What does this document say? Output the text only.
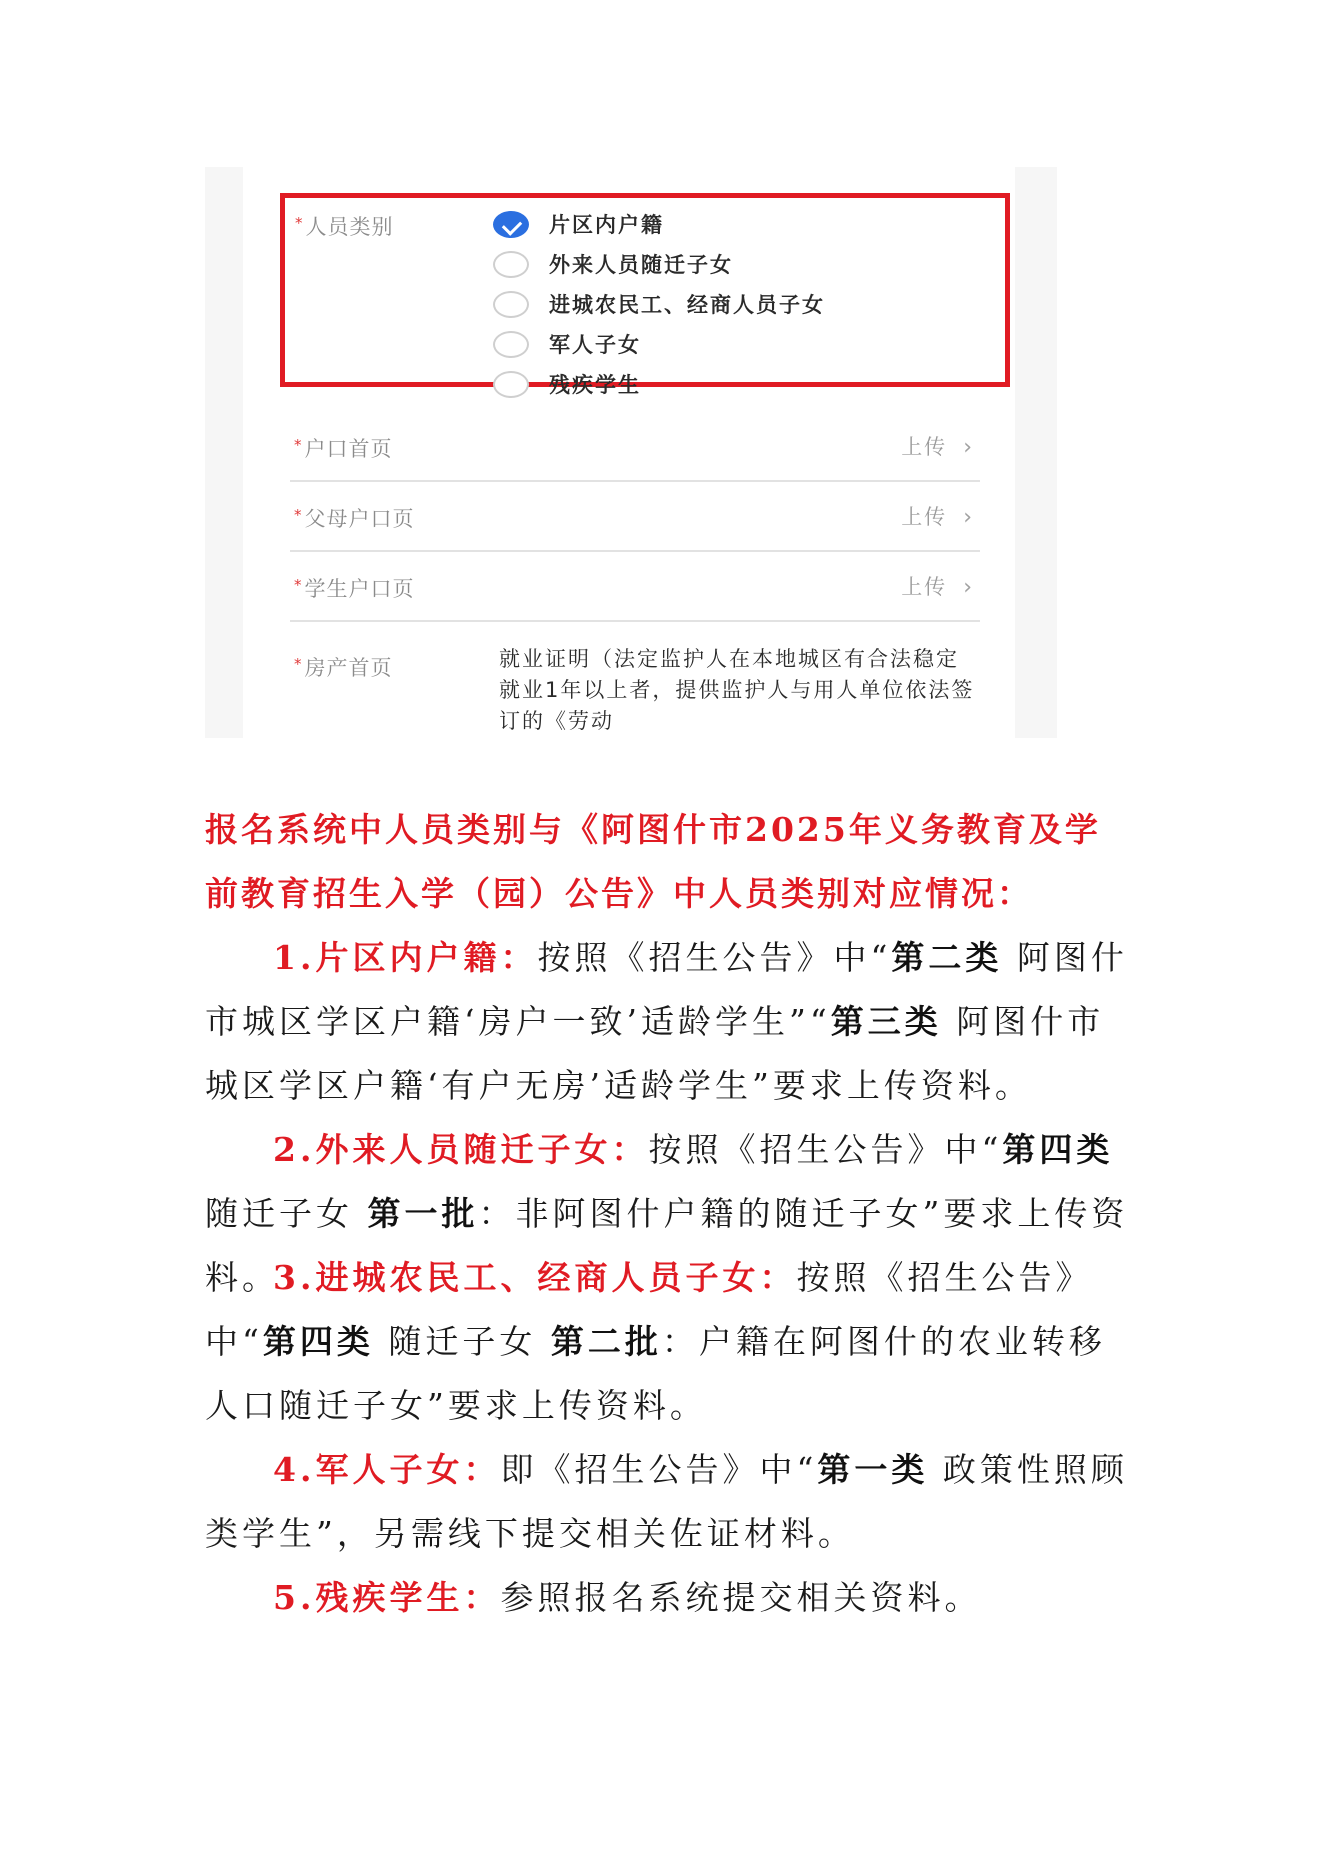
*人员类别	片区内户籍
外来人员随迁子女
进城农民工、经商人员子女
军人子女
残疾学生
*户口首页	上传 ›
*父母户口页	上传 ›
*学生户口页	上传 ›
*房产首页	就业证明（法定监护人在本地城区有合法稳定就业1年以上者，提供监护人与用人单位依法签订的《劳动
报名系统中人员类别与《阿图什市2025年义务教育及学前教育招生入学（园）公告》中人员类别对应情况：

1.片区内户籍：按照《招生公告》中“第二类 阿图什市城区学区户籍‘房户一致’适龄学生”“第三类 阿图什市城区学区户籍‘有户无房’适龄学生”要求上传资料。

2.外来人员随迁子女：按照《招生公告》中“第四类 随迁子女 第一批：非阿图什户籍的随迁子女”要求上传资料。

3.进城农民工、经商人员子女：按照《招生公告》中“第四类 随迁子女 第二批：户籍在阿图什的农业转移人口随迁子女”要求上传资料。

4.军人子女：即《招生公告》中“第一类 政策性照顾类学生”，另需线下提交相关佐证材料。

5.残疾学生：参照报名系统提交相关资料。
